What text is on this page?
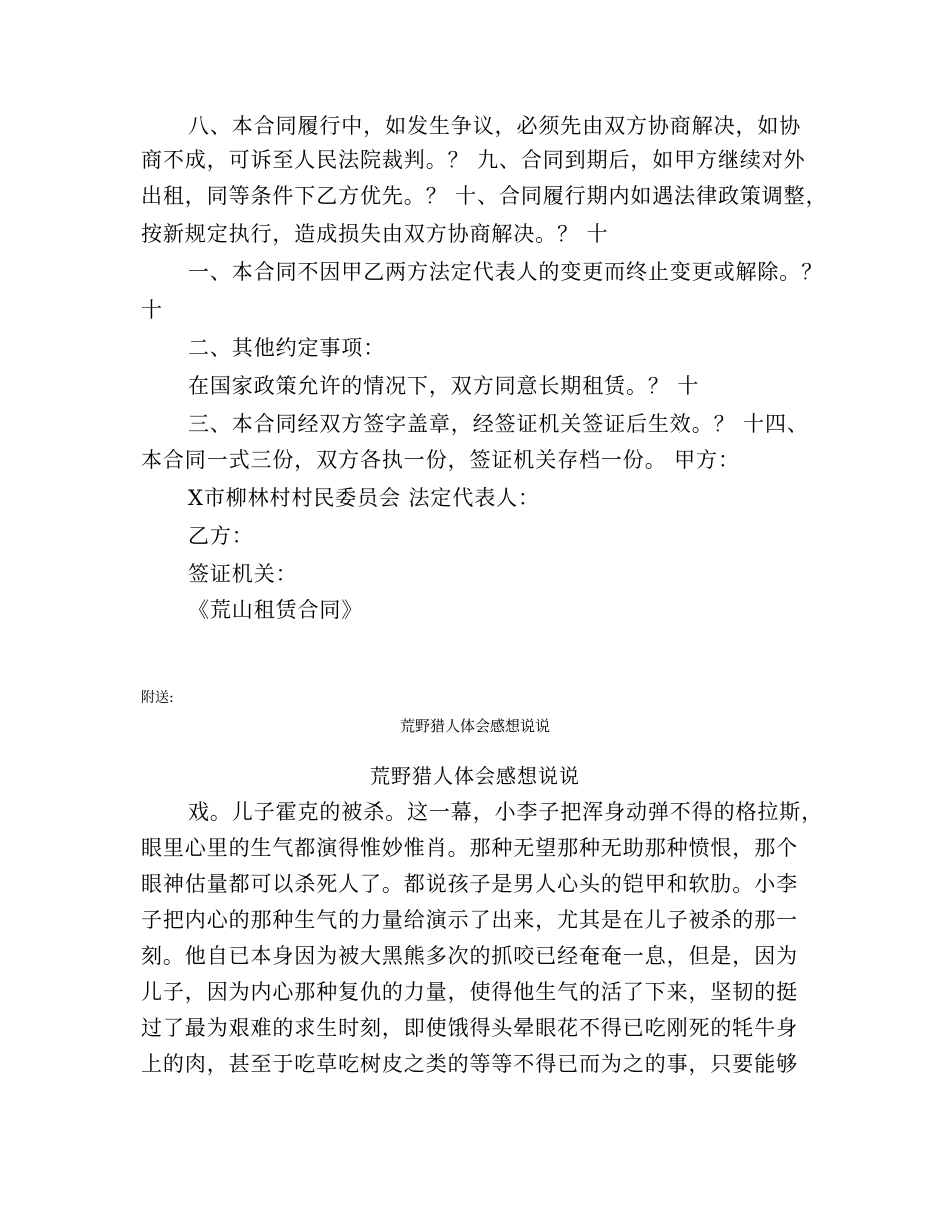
八、本合同履行中，如发生争议，必须先由双方协商解决，如协
商不成，可诉至人民法院裁判。？ 九、合同到期后，如甲方继续对外
出租，同等条件下乙方优先。？ 十、合同履行期内如遇法律政策调整，
按新规定执行，造成损失由双方协商解决。？ 十
一、本合同不因甲乙两方法定代表人的变更而终止变更或解除。？
十
二、其他约定事项：
在国家政策允许的情况下，双方同意长期租赁。？ 十
三、本合同经双方签字盖章，经签证机关签证后生效。？ 十四、
本合同一式三份，双方各执一份，签证机关存档一份。 甲方：
X市柳林村村民委员会 法定代表人：
乙方：
签证机关：
《荒山租赁合同》
附送:
荒野猎人体会感想说说
荒野猎人体会感想说说
戏。儿子霍克的被杀。这一幕，小李子把浑身动弹不得的格拉斯，
眼里心里的生气都演得惟妙惟肖。那种无望那种无助那种愤恨，那个
眼神估量都可以杀死人了。都说孩子是男人心头的铠甲和软肋。小李
子把内心的那种生气的力量给演示了出来，尤其是在儿子被杀的那一
刻。他自已本身因为被大黑熊多次的抓咬已经奄奄一息，但是，因为
儿子，因为内心那种复仇的力量，使得他生气的活了下来，坚韧的挺
过了最为艰难的求生时刻，即使饿得头晕眼花不得已吃刚死的牦牛身
上的肉，甚至于吃草吃树皮之类的等等不得已而为之的事，只要能够
